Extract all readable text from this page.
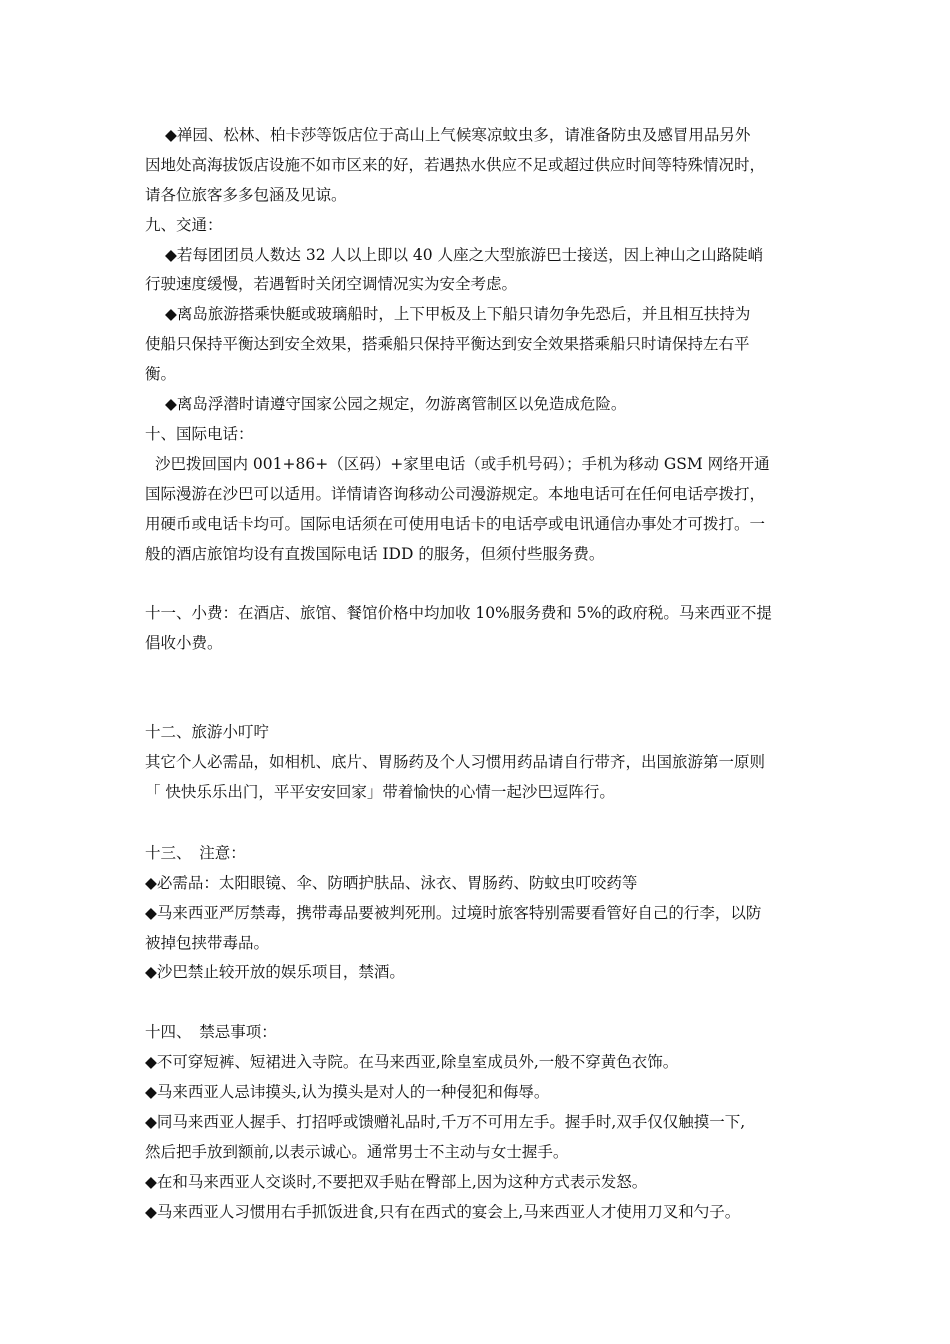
◆禅园、松林、柏卡莎等饭店位于高山上气候寒凉蚊虫多，请准备防虫及感冒用品另外
因地处高海拔饭店设施不如市区来的好，若遇热水供应不足或超过供应时间等特殊情况时，
请各位旅客多多包涵及见谅。
九、交通：
◆若每团团员人数达 32 人以上即以 40 人座之大型旅游巴士接送，因上神山之山路陡峭
行驶速度缓慢，若遇暂时关闭空调情况实为安全考虑。
◆离岛旅游搭乘快艇或玻璃船时，上下甲板及上下船只请勿争先恐后，并且相互扶持为
使船只保持平衡达到安全效果，搭乘船只保持平衡达到安全效果搭乘船只时请保持左右平
衡。
◆离岛浮潜时请遵守国家公园之规定，勿游离管制区以免造成危险。
十、国际电话：
沙巴拨回国内 001+86+（区码）+家里电话（或手机号码）；手机为移动 GSM 网络开通
国际漫游在沙巴可以适用。详情请咨询移动公司漫游规定。本地电话可在任何电话亭拨打，
用硬币或电话卡均可。国际电话须在可使用电话卡的电话亭或电讯通信办事处才可拨打。一
般的酒店旅馆均设有直拨国际电话 IDD 的服务，但须付些服务费。
十一、小费：在酒店、旅馆、餐馆价格中均加收 10%服务费和 5%的政府税。马来西亚不提
倡收小费。
十二、旅游小叮咛
其它个人必需品，如相机、底片、胃肠药及个人习惯用药品请自行带齐，出国旅游第一原则
「 快快乐乐出门，平平安安回家」带着愉快的心情一起沙巴逗阵行。
十三、　注意：
◆必需品：太阳眼镜、伞、防晒护肤品、泳衣、胃肠药、防蚊虫叮咬药等
◆马来西亚严厉禁毒，携带毒品要被判死刑。过境时旅客特别需要看管好自己的行李，以防
被掉包挟带毒品。
◆沙巴禁止较开放的娱乐项目，禁酒。
十四、　禁忌事项：
◆不可穿短裤、短裙进入寺院。在马来西亚,除皇室成员外,一般不穿黄色衣饰。
◆马来西亚人忌讳摸头,认为摸头是对人的一种侵犯和侮辱。
◆同马来西亚人握手、打招呼或馈赠礼品时,千万不可用左手。握手时,双手仅仅触摸一下,
然后把手放到额前,以表示诚心。通常男士不主动与女士握手。
◆在和马来西亚人交谈时,不要把双手贴在臀部上,因为这种方式表示发怒。
◆马来西亚人习惯用右手抓饭进食,只有在西式的宴会上,马来西亚人才使用刀叉和勺子。
